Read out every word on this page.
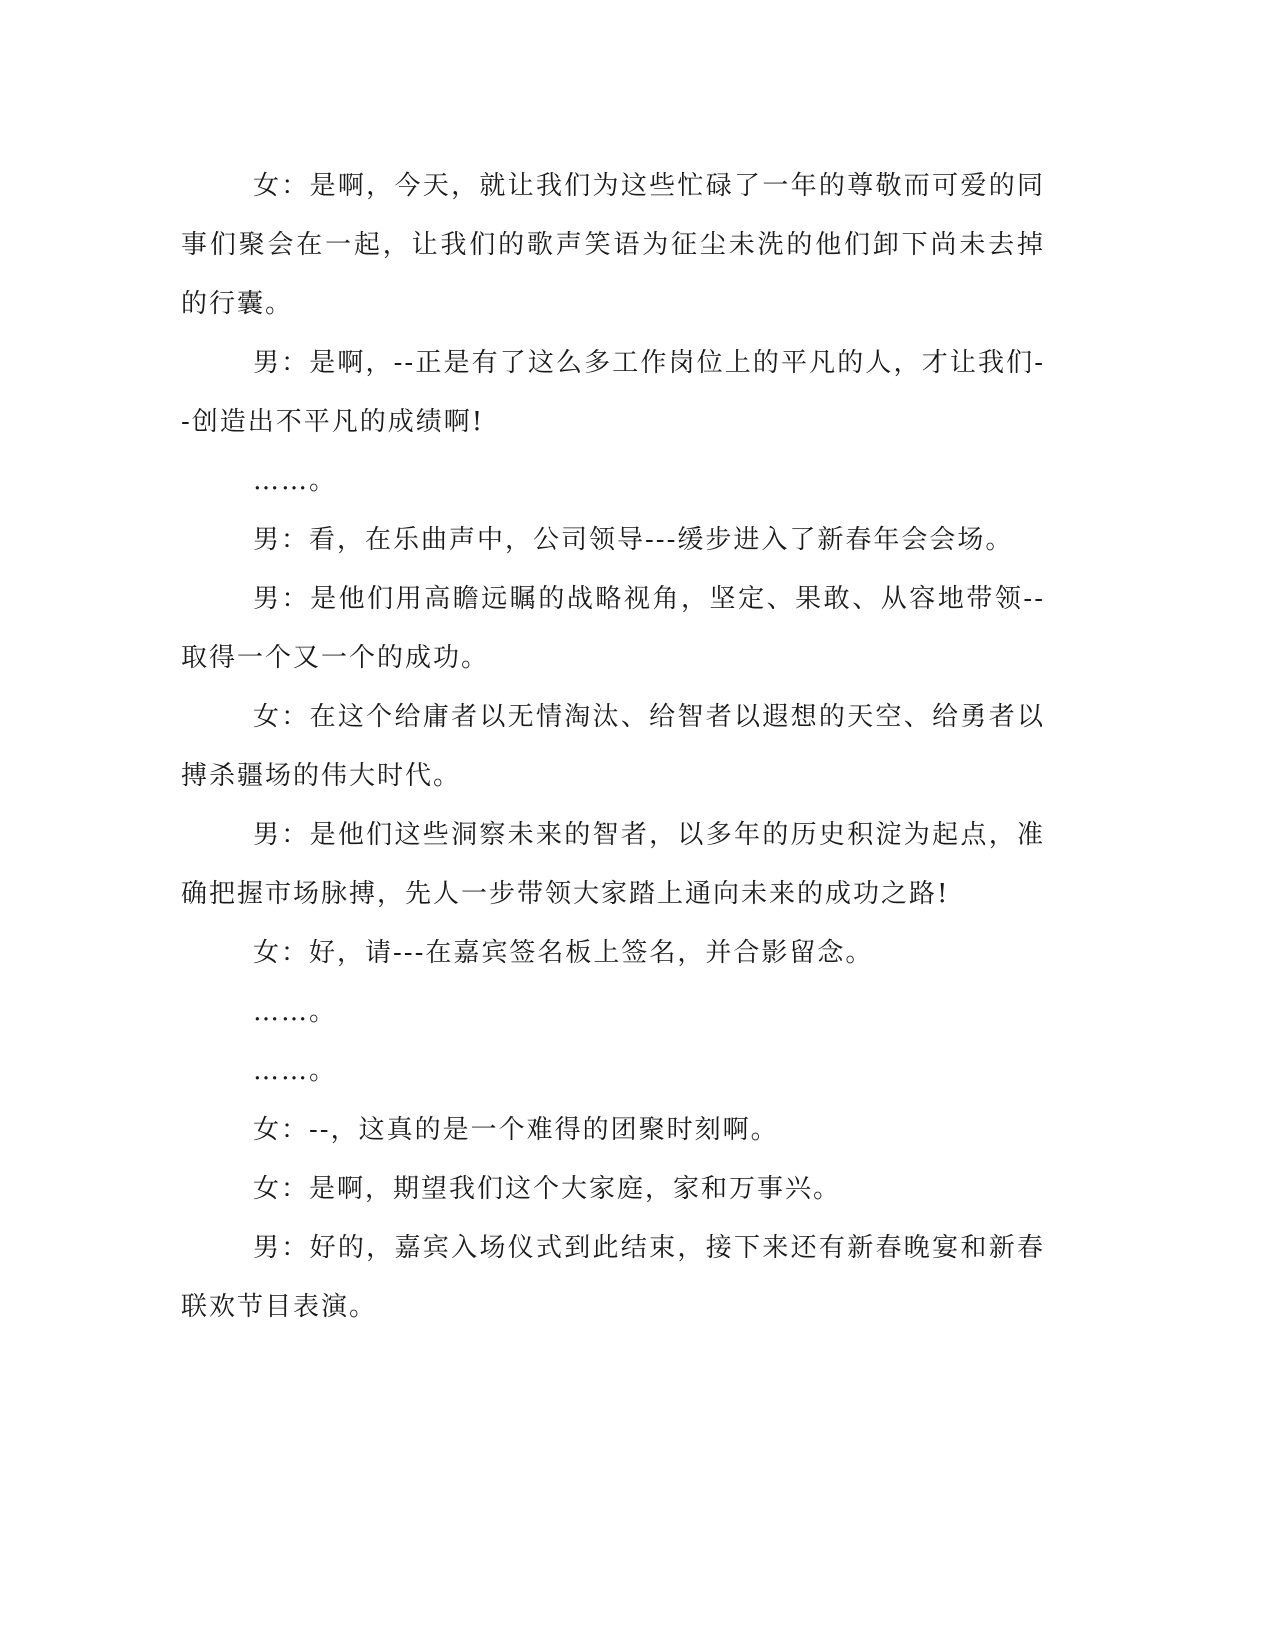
女：是啊，今天，就让我们为这些忙碌了一年的尊敬而可爱的同事们聚会在一起，让我们的歌声笑语为征尘未洗的他们卸下尚未去掉的行囊。

男：是啊，--正是有了这么多工作岗位上的平凡的人，才让我们--创造出不平凡的成绩啊!

……。

男：看，在乐曲声中，公司领导---缓步进入了新春年会会场。

男：是他们用高瞻远瞩的战略视角，坚定、果敢、从容地带领--取得一个又一个的成功。

女：在这个给庸者以无情淘汰、给智者以遐想的天空、给勇者以搏杀疆场的伟大时代。

男：是他们这些洞察未来的智者，以多年的历史积淀为起点，准确把握市场脉搏，先人一步带领大家踏上通向未来的成功之路!

女：好，请---在嘉宾签名板上签名，并合影留念。

……。

……。

女：--，这真的是一个难得的团聚时刻啊。

女：是啊，期望我们这个大家庭，家和万事兴。

男：好的，嘉宾入场仪式到此结束，接下来还有新春晚宴和新春联欢节目表演。
